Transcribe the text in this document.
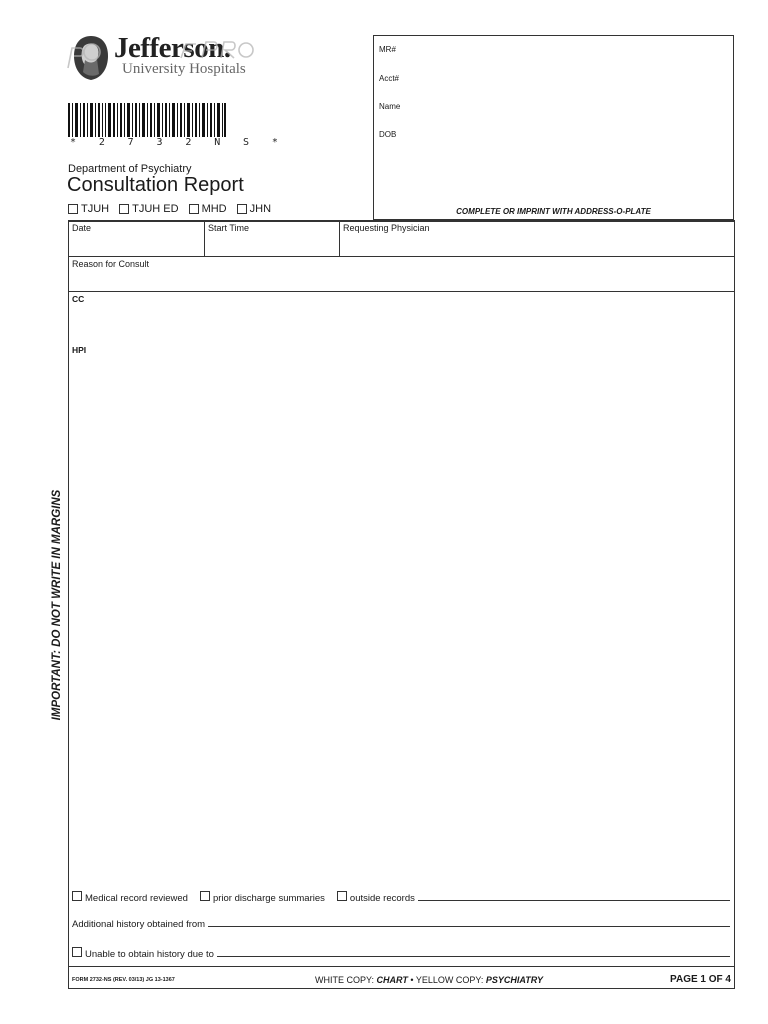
Jefferson.
University Hospitals
* 2 7 3 2 N S *
Department of Psychiatry
Consultation Report
TJUH TJUH ED MHD JHN
MR#
Acct#
Name
DOB
COMPLETE OR IMPRINT WITH ADDRESS-O-PLATE
Date	Start Time	Requesting Physician
Reason for Consult
CC
HPI
Medical record reviewed	prior discharge summaries	outside records
Additional history obtained from
Unable to obtain history due to
IMPORTANT: DO NOT WRITE IN MARGINS
FORM 2732-NS (REV. 03/13) JG 13-1367	WHITE COPY: CHART • YELLOW COPY: PSYCHIATRY	PAGE 1 OF 4
